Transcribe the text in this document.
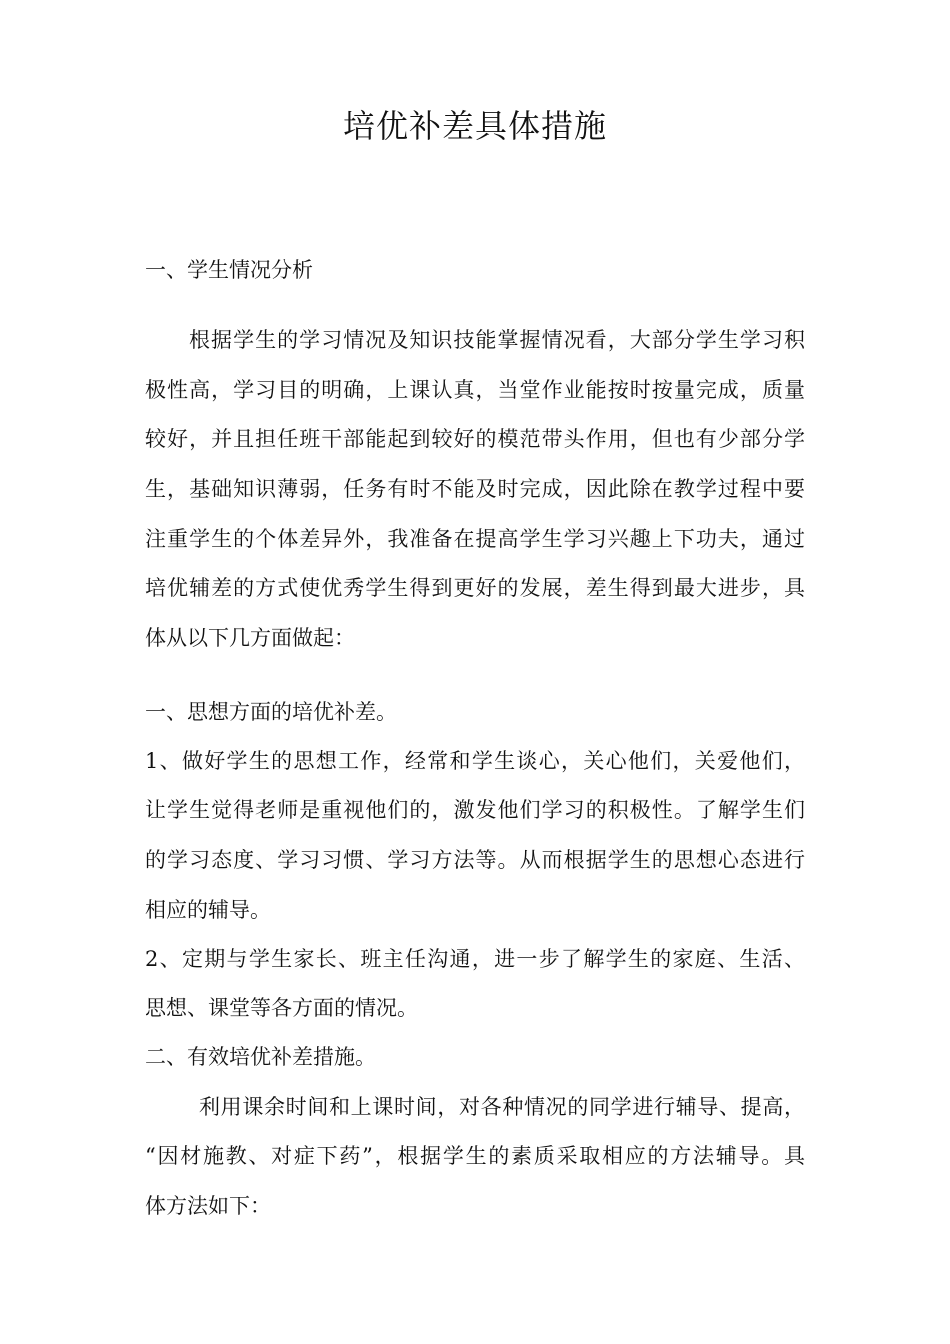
培优补差具体措施
一、学生情况分析
根据学生的学习情况及知识技能掌握情况看，大部分学生学习积
极性高，学习目的明确，上课认真，当堂作业能按时按量完成，质量
较好，并且担任班干部能起到较好的模范带头作用，但也有少部分学
生，基础知识薄弱，任务有时不能及时完成，因此除在教学过程中要
注重学生的个体差异外，我准备在提高学生学习兴趣上下功夫，通过
培优辅差的方式使优秀学生得到更好的发展，差生得到最大进步，具
体从以下几方面做起：
一、思想方面的培优补差。
1、做好学生的思想工作，经常和学生谈心，关心他们，关爱他们，
让学生觉得老师是重视他们的，激发他们学习的积极性。了解学生们
的学习态度、学习习惯、学习方法等。从而根据学生的思想心态进行
相应的辅导。
2、定期与学生家长、班主任沟通，进一步了解学生的家庭、生活、
思想、课堂等各方面的情况。
二、有效培优补差措施。
利用课余时间和上课时间，对各种情况的同学进行辅导、提高，
“因材施教、对症下药”，根据学生的素质采取相应的方法辅导。具
体方法如下：
